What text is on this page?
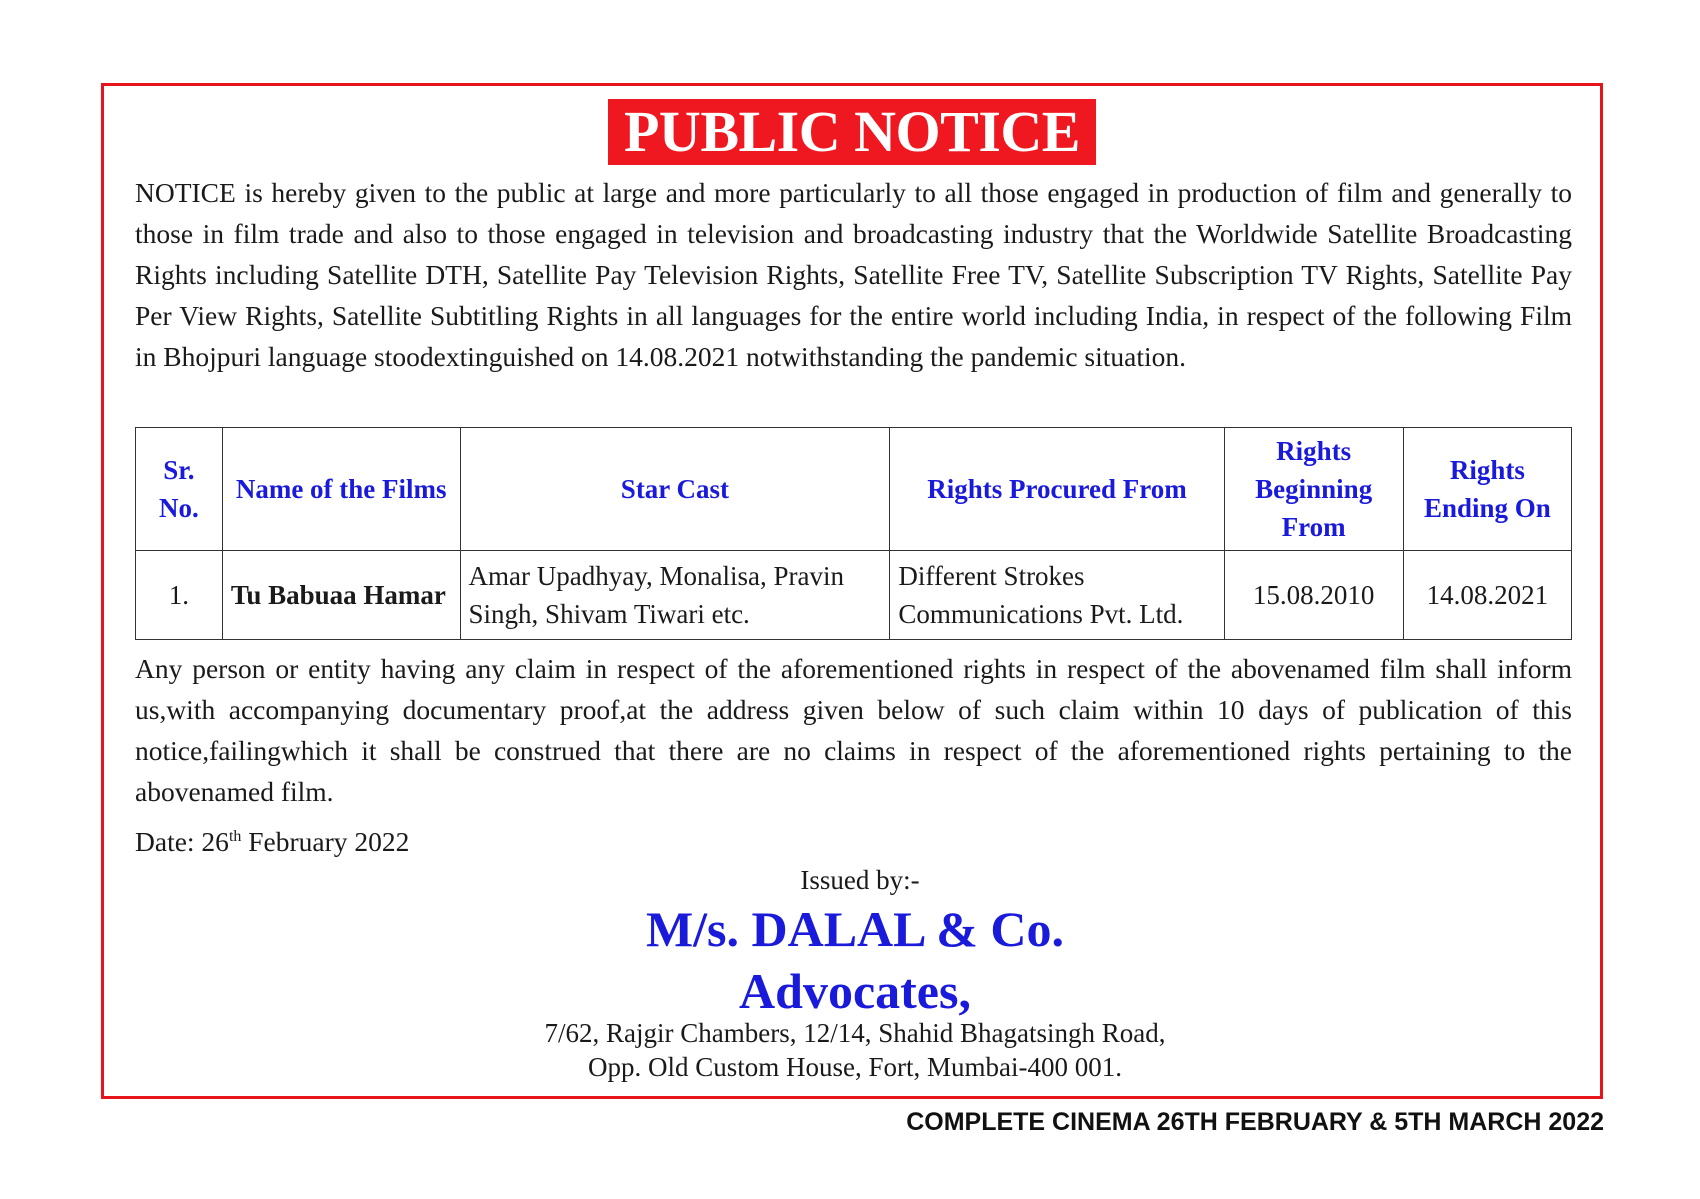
PUBLIC NOTICE

NOTICE is hereby given to the public at large and more particularly to all those engaged in production of film and generally to those in film trade and also to those engaged in television and broadcasting industry that the Worldwide Satellite Broadcasting Rights including Satellite DTH, Satellite Pay Television Rights, Satellite Free TV, Satellite Subscription TV Rights, Satellite Pay Per View Rights, Satellite Subtitling Rights in all languages for the entire world including India, in respect of the following Film in Bhojpuri language stoodextinguished on 14.08.2021 notwithstanding the pandemic situation.

Sr. No.	Name of the Films	Star Cast	Rights Procured From	Rights Beginning From	Rights Ending On
1.	Tu Babuaa Hamar	Amar Upadhyay, Monalisa, Pravin Singh, Shivam Tiwari etc.	Different Strokes Communications Pvt. Ltd.	15.08.2010	14.08.2021

Any person or entity having any claim in respect of the aforementioned rights in respect of the abovenamed film shall inform us,with accompanying documentary proof,at the address given below of such claim within 10 days of publication of this notice,failingwhich it shall be construed that there are no claims in respect of the aforementioned rights pertaining to the abovenamed film.

Date: 26th February 2022
Issued by:-
M/s. DALAL & Co.
Advocates,
7/62, Rajgir Chambers, 12/14, Shahid Bhagatsingh Road,
Opp. Old Custom House, Fort, Mumbai-400 001.
COMPLETE CINEMA 26TH FEBRUARY & 5TH MARCH 2022
